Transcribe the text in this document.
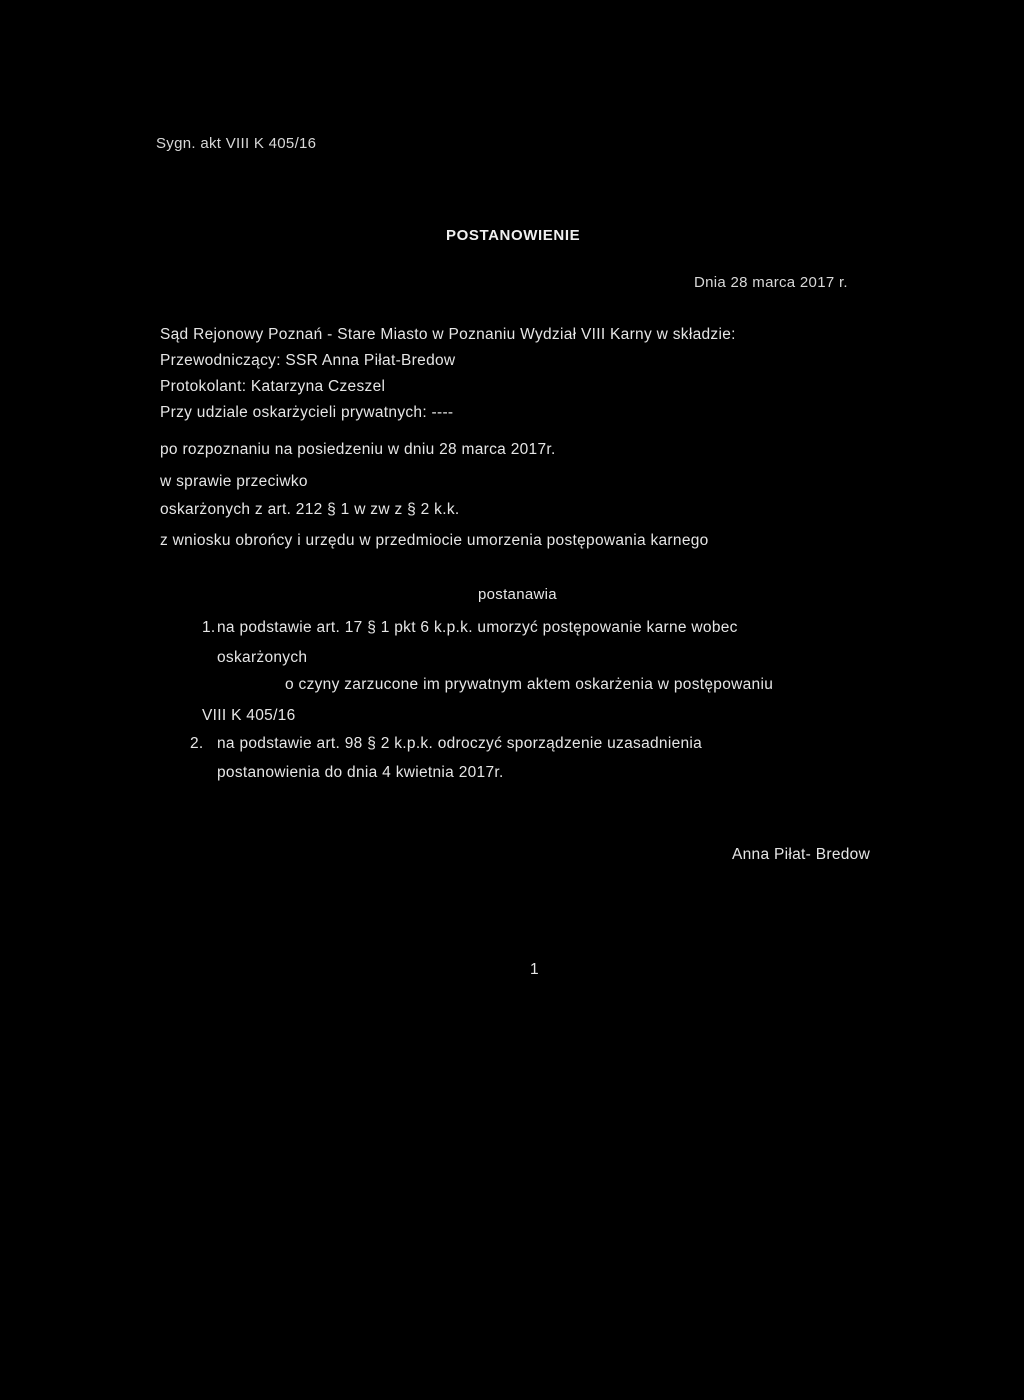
Sygn. akt VIII K 405/16
POSTANOWIENIE
Dnia 28 marca 2017 r.
Sąd Rejonowy Poznań - Stare Miasto w Poznaniu Wydział VIII Karny w składzie:
Przewodniczący: SSR Anna Piłat-Bredow
Protokolant: Katarzyna Czeszel
Przy udziale oskarżycieli prywatnych: ----
po rozpoznaniu na posiedzeniu w dniu 28 marca 2017r.
w sprawie przeciwko
oskarżonych z art. 212 § 1 w zw z § 2 k.k.
z wniosku obrońcy i urzędu w przedmiocie umorzenia postępowania karnego
postanawia
1. na podstawie art. 17 § 1 pkt 6 k.p.k. umorzyć postępowanie karne wobec
oskarżonych
o czyny zarzucone im prywatnym aktem oskarżenia w postępowaniu
VIII K 405/16
2. na podstawie art. 98 § 2 k.p.k. odroczyć sporządzenie uzasadnienia
postanowienia do dnia 4 kwietnia 2017r.
Anna Piłat- Bredow
1
